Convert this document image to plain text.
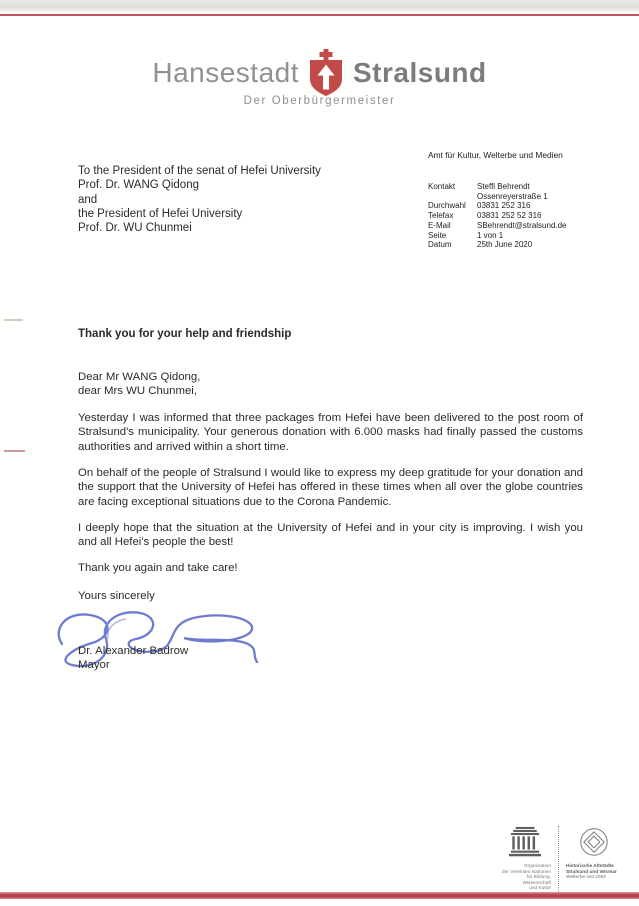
Hansestadt Stralsund
Der Oberbürgermeister
To the President of the senat of Hefei University
Prof. Dr. WANG Qidong
and
the President of Hefei University
Prof. Dr. WU Chunmei
Amt für Kultur, Welterbe und Medien
Kontakt	Steffi Behrendt
Ossenreyerstraße 1
Durchwahl	03831 252 316
Telefax	03831 252 52 316
E-Mail	SBehrendt@stralsund.de
Seite	1 von 1
Datum	25th June 2020
Thank you for your help and friendship
Dear Mr WANG Qidong,
dear Mrs WU Chunmei,
Yesterday I was informed that three packages from Hefei have been delivered to the post room of Stralsund's municipality. Your generous donation with 6.000 masks had finally passed the customs authorities and arrived within a short time.
On behalf of the people of Stralsund I would like to express my deep gratitude for your donation and the support that the University of Hefei has offered in these times when all over the globe countries are facing exceptional situations due to the Corona Pandemic.
I deeply hope that the situation at the University of Hefei and in your city is improving. I wish you and all Hefei's people the best!
Thank you again and take care!
Yours sincerely
Dr. Alexander Badrow
Mayor
Organisation
der Vereinten Nationen
für Bildung, Wissenschaft
und Kultur
Historische Altstädte
Stralsund und Wismar
Welterbe seit 2002
